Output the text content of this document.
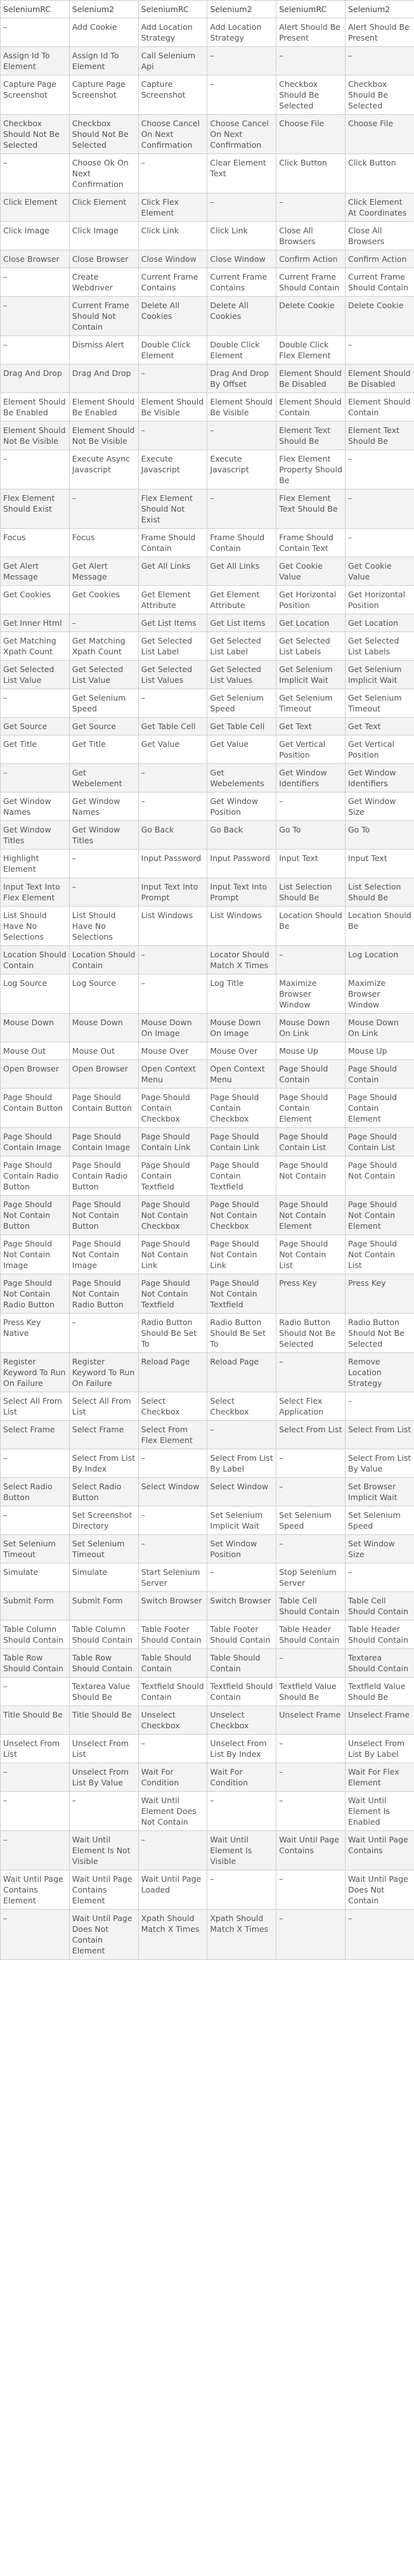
SeleniumRC	Selenium2	SeleniumRC	Selenium2	SeleniumRC	Selenium2
–	Add Cookie	Add Location Strategy	Add Location Strategy	Alert Should Be Present	Alert Should Be Present
Assign Id To Element	Assign Id To Element	Call Selenium Api	–	–	–
Capture Page Screenshot	Capture Page Screenshot	Capture Screenshot	–	Checkbox Should Be Selected	Checkbox Should Be Selected
Checkbox Should Not Be Selected	Checkbox Should Not Be Selected	Choose Cancel On Next Confirmation	Choose Cancel On Next Confirmation	Choose File	Choose File
–	Choose Ok On Next Confirmation	–	Clear Element Text	Click Button	Click Button
Click Element	Click Element	Click Flex Element	–	–	Click Element At Coordinates
Click Image	Click Image	Click Link	Click Link	Close All Browsers	Close All Browsers
Close Browser	Close Browser	Close Window	Close Window	Confirm Action	Confirm Action
–	Create Webdriver	Current Frame Contains	Current Frame Contains	Current Frame Should Contain	Current Frame Should Contain
–	Current Frame Should Not Contain	Delete All Cookies	Delete All Cookies	Delete Cookie	Delete Cookie
–	Dismiss Alert	Double Click Element	Double Click Element	Double Click Flex Element	–
Drag And Drop	Drag And Drop	–	Drag And Drop By Offset	Element Should Be Disabled	Element Should Be Disabled
Element Should Be Enabled	Element Should Be Enabled	Element Should Be Visible	Element Should Be Visible	Element Should Contain	Element Should Contain
Element Should Not Be Visible	Element Should Not Be Visible	–	–	Element Text Should Be	Element Text Should Be
–	Execute Async Javascript	Execute Javascript	Execute Javascript	Flex Element Property Should Be	–
Flex Element Should Exist	–	Flex Element Should Not Exist	–	Flex Element Text Should Be	–
Focus	Focus	Frame Should Contain	Frame Should Contain	Frame Should Contain Text	–
Get Alert Message	Get Alert Message	Get All Links	Get All Links	Get Cookie Value	Get Cookie Value
Get Cookies	Get Cookies	Get Element Attribute	Get Element Attribute	Get Horizontal Position	Get Horizontal Position
Get Inner Html	–	Get List Items	Get List Items	Get Location	Get Location
Get Matching Xpath Count	Get Matching Xpath Count	Get Selected List Label	Get Selected List Label	Get Selected List Labels	Get Selected List Labels
Get Selected List Value	Get Selected List Value	Get Selected List Values	Get Selected List Values	Get Selenium Implicit Wait	Get Selenium Implicit Wait
–	Get Selenium Speed	–	Get Selenium Speed	Get Selenium Timeout	Get Selenium Timeout
Get Source	Get Source	Get Table Cell	Get Table Cell	Get Text	Get Text
Get Title	Get Title	Get Value	Get Value	Get Vertical Position	Get Vertical Position
–	Get Webelement	–	Get Webelements	Get Window Identifiers	Get Window Identifiers
Get Window Names	Get Window Names	–	Get Window Position	–	Get Window Size
Get Window Titles	Get Window Titles	Go Back	Go Back	Go To	Go To
Highlight Element	–	Input Password	Input Password	Input Text	Input Text
Input Text Into Flex Element	–	Input Text Into Prompt	Input Text Into Prompt	List Selection Should Be	List Selection Should Be
List Should Have No Selections	List Should Have No Selections	List Windows	List Windows	Location Should Be	Location Should Be
Location Should Contain	Location Should Contain	–	Locator Should Match X Times	–	Log Location
Log Source	Log Source	–	Log Title	Maximize Browser Window	Maximize Browser Window
Mouse Down	Mouse Down	Mouse Down On Image	Mouse Down On Image	Mouse Down On Link	Mouse Down On Link
Mouse Out	Mouse Out	Mouse Over	Mouse Over	Mouse Up	Mouse Up
Open Browser	Open Browser	Open Context Menu	Open Context Menu	Page Should Contain	Page Should Contain
Page Should Contain Button	Page Should Contain Button	Page Should Contain Checkbox	Page Should Contain Checkbox	Page Should Contain Element	Page Should Contain Element
Page Should Contain Image	Page Should Contain Image	Page Should Contain Link	Page Should Contain Link	Page Should Contain List	Page Should Contain List
Page Should Contain Radio Button	Page Should Contain Radio Button	Page Should Contain Textfield	Page Should Contain Textfield	Page Should Not Contain	Page Should Not Contain
Page Should Not Contain Button	Page Should Not Contain Button	Page Should Not Contain Checkbox	Page Should Not Contain Checkbox	Page Should Not Contain Element	Page Should Not Contain Element
Page Should Not Contain Image	Page Should Not Contain Image	Page Should Not Contain Link	Page Should Not Contain Link	Page Should Not Contain List	Page Should Not Contain List
Page Should Not Contain Radio Button	Page Should Not Contain Radio Button	Page Should Not Contain Textfield	Page Should Not Contain Textfield	Press Key	Press Key
Press Key Native	–	Radio Button Should Be Set To	Radio Button Should Be Set To	Radio Button Should Not Be Selected	Radio Button Should Not Be Selected
Register Keyword To Run On Failure	Register Keyword To Run On Failure	Reload Page	Reload Page	–	Remove Location Strategy
Select All From List	Select All From List	Select Checkbox	Select Checkbox	Select Flex Application	–
Select Frame	Select Frame	Select From Flex Element	–	Select From List	Select From List
–	Select From List By Index	–	Select From List By Label	–	Select From List By Value
Select Radio Button	Select Radio Button	Select Window	Select Window	–	Set Browser Implicit Wait
–	Set Screenshot Directory	–	Set Selenium Implicit Wait	Set Selenium Speed	Set Selenium Speed
Set Selenium Timeout	Set Selenium Timeout	–	Set Window Position	–	Set Window Size
Simulate	Simulate	Start Selenium Server	–	Stop Selenium Server	–
Submit Form	Submit Form	Switch Browser	Switch Browser	Table Cell Should Contain	Table Cell Should Contain
Table Column Should Contain	Table Column Should Contain	Table Footer Should Contain	Table Footer Should Contain	Table Header Should Contain	Table Header Should Contain
Table Row Should Contain	Table Row Should Contain	Table Should Contain	Table Should Contain	–	Textarea Should Contain
–	Textarea Value Should Be	Textfield Should Contain	Textfield Should Contain	Textfield Value Should Be	Textfield Value Should Be
Title Should Be	Title Should Be	Unselect Checkbox	Unselect Checkbox	Unselect Frame	Unselect Frame
Unselect From List	Unselect From List	–	Unselect From List By Index	–	Unselect From List By Label
–	Unselect From List By Value	Wait For Condition	Wait For Condition	–	Wait For Flex Element
–	–	Wait Until Element Does Not Contain	–	–	Wait Until Element Is Enabled
–	Wait Until Element Is Not Visible	–	Wait Until Element Is Visible	Wait Until Page Contains	Wait Until Page Contains
Wait Until Page Contains Element	Wait Until Page Contains Element	Wait Until Page Loaded	–	–	Wait Until Page Does Not Contain
–	Wait Until Page Does Not Contain Element	Xpath Should Match X Times	Xpath Should Match X Times	–	–
